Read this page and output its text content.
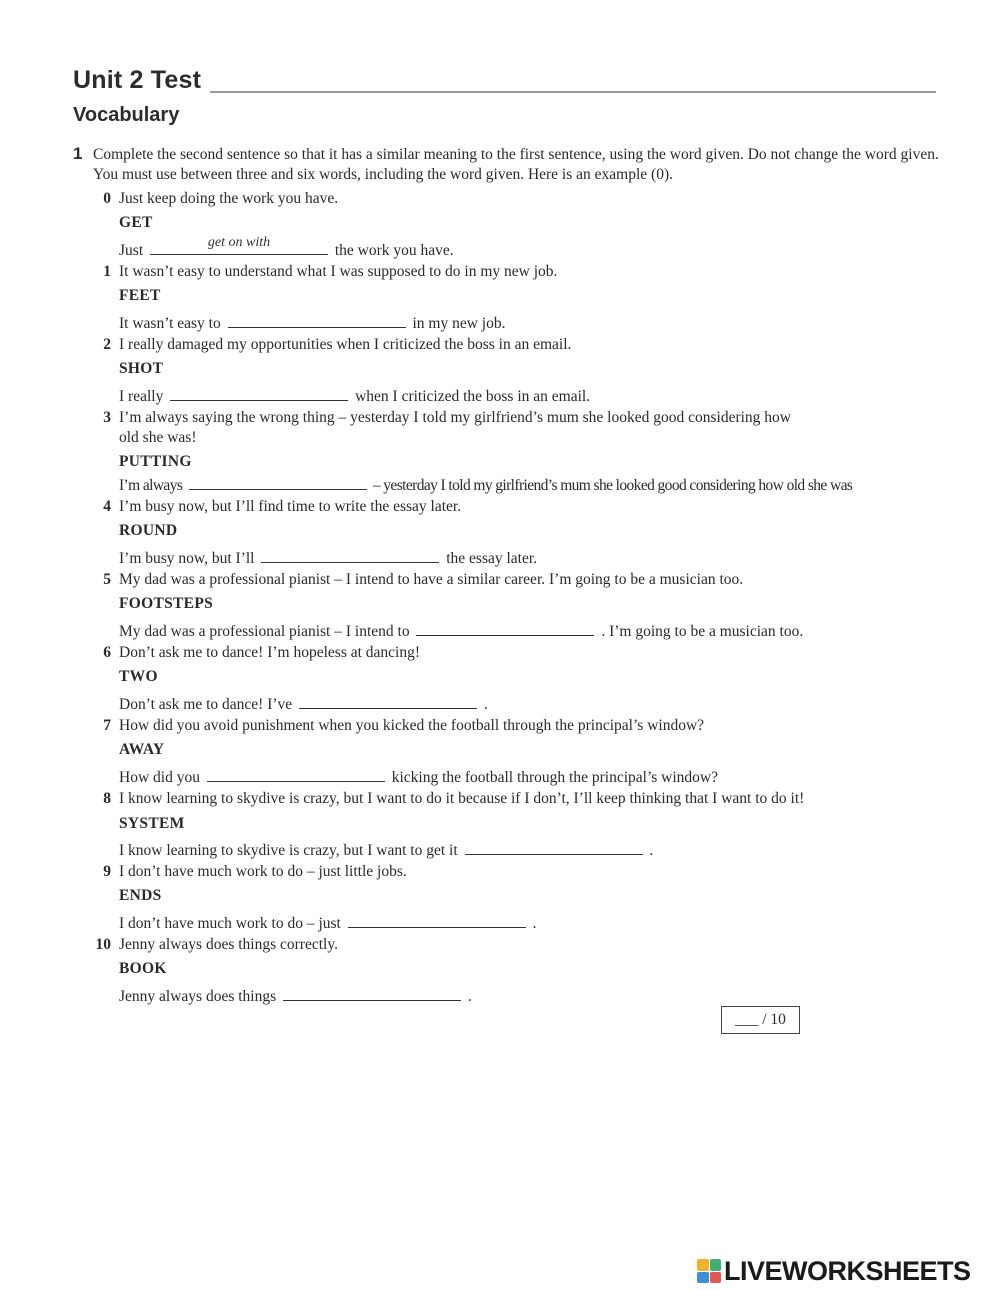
Unit 2 Test
Vocabulary
1 Complete the second sentence so that it has a similar meaning to the first sentence, using the word given. Do not change the word given. You must use between three and six words, including the word given. Here is an example (0).
0 Just keep doing the work you have.
GET
Just	get on with	the work you have.
1 It wasn’t easy to understand what I was supposed to do in my new job.
FEET
It wasn’t easy to	in my new job.
2 I really damaged my opportunities when I criticized the boss in an email.
SHOT
I really	when I criticized the boss in an email.
3 I’m always saying the wrong thing – yesterday I told my girlfriend’s mum she looked good considering how
old she was!
PUTTING
I’m always	– yesterday I told my girlfriend’s mum she looked good considering how old she was
4 I’m busy now, but I’ll find time to write the essay later.
ROUND
I’m busy now, but I’ll	the essay later.
5 My dad was a professional pianist – I intend to have a similar career. I’m going to be a musician too.
FOOTSTEPS
My dad was a professional pianist – I intend to	. I’m going to be a musician too.
6 Don’t ask me to dance! I’m hopeless at dancing!
TWO
Don’t ask me to dance! I’ve	.
7 How did you avoid punishment when you kicked the football through the principal’s window?
AWAY
How did you	kicking the football through the principal’s window?
8 I know learning to skydive is crazy, but I want to do it because if I don’t, I’ll keep thinking that I want to do it!
SYSTEM
I know learning to skydive is crazy, but I want to get it	.
9 I don’t have much work to do – just little jobs.
ENDS
I don’t have much work to do – just	.
10 Jenny always does things correctly.
BOOK
Jenny always does things	.
___ / 10
LIVEWORKSHEETS
